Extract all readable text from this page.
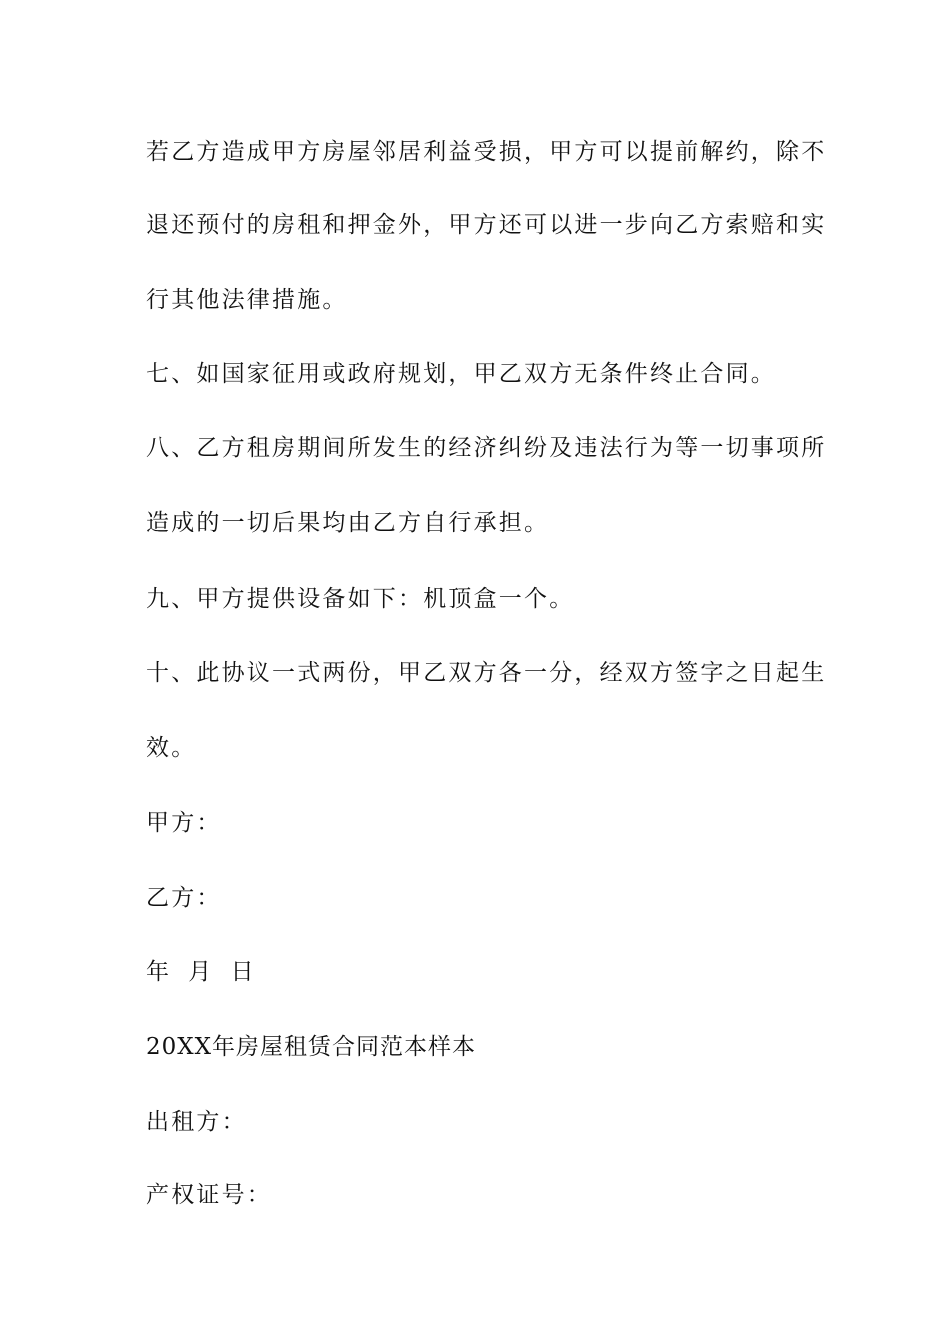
若乙方造成甲方房屋邻居利益受损，甲方可以提前解约，除不
退还预付的房租和押金外，甲方还可以进一步向乙方索赔和实
行其他法律措施。
七、如国家征用或政府规划，甲乙双方无条件终止合同。
八、乙方租房期间所发生的经济纠纷及违法行为等一切事项所
造成的一切后果均由乙方自行承担。
九、甲方提供设备如下：机顶盒一个。
十、此协议一式两份，甲乙双方各一分，经双方签字之日起生
效。
甲方：
乙方：
年 月 日
20XX年房屋租赁合同范本样本
出租方：
产权证号：
